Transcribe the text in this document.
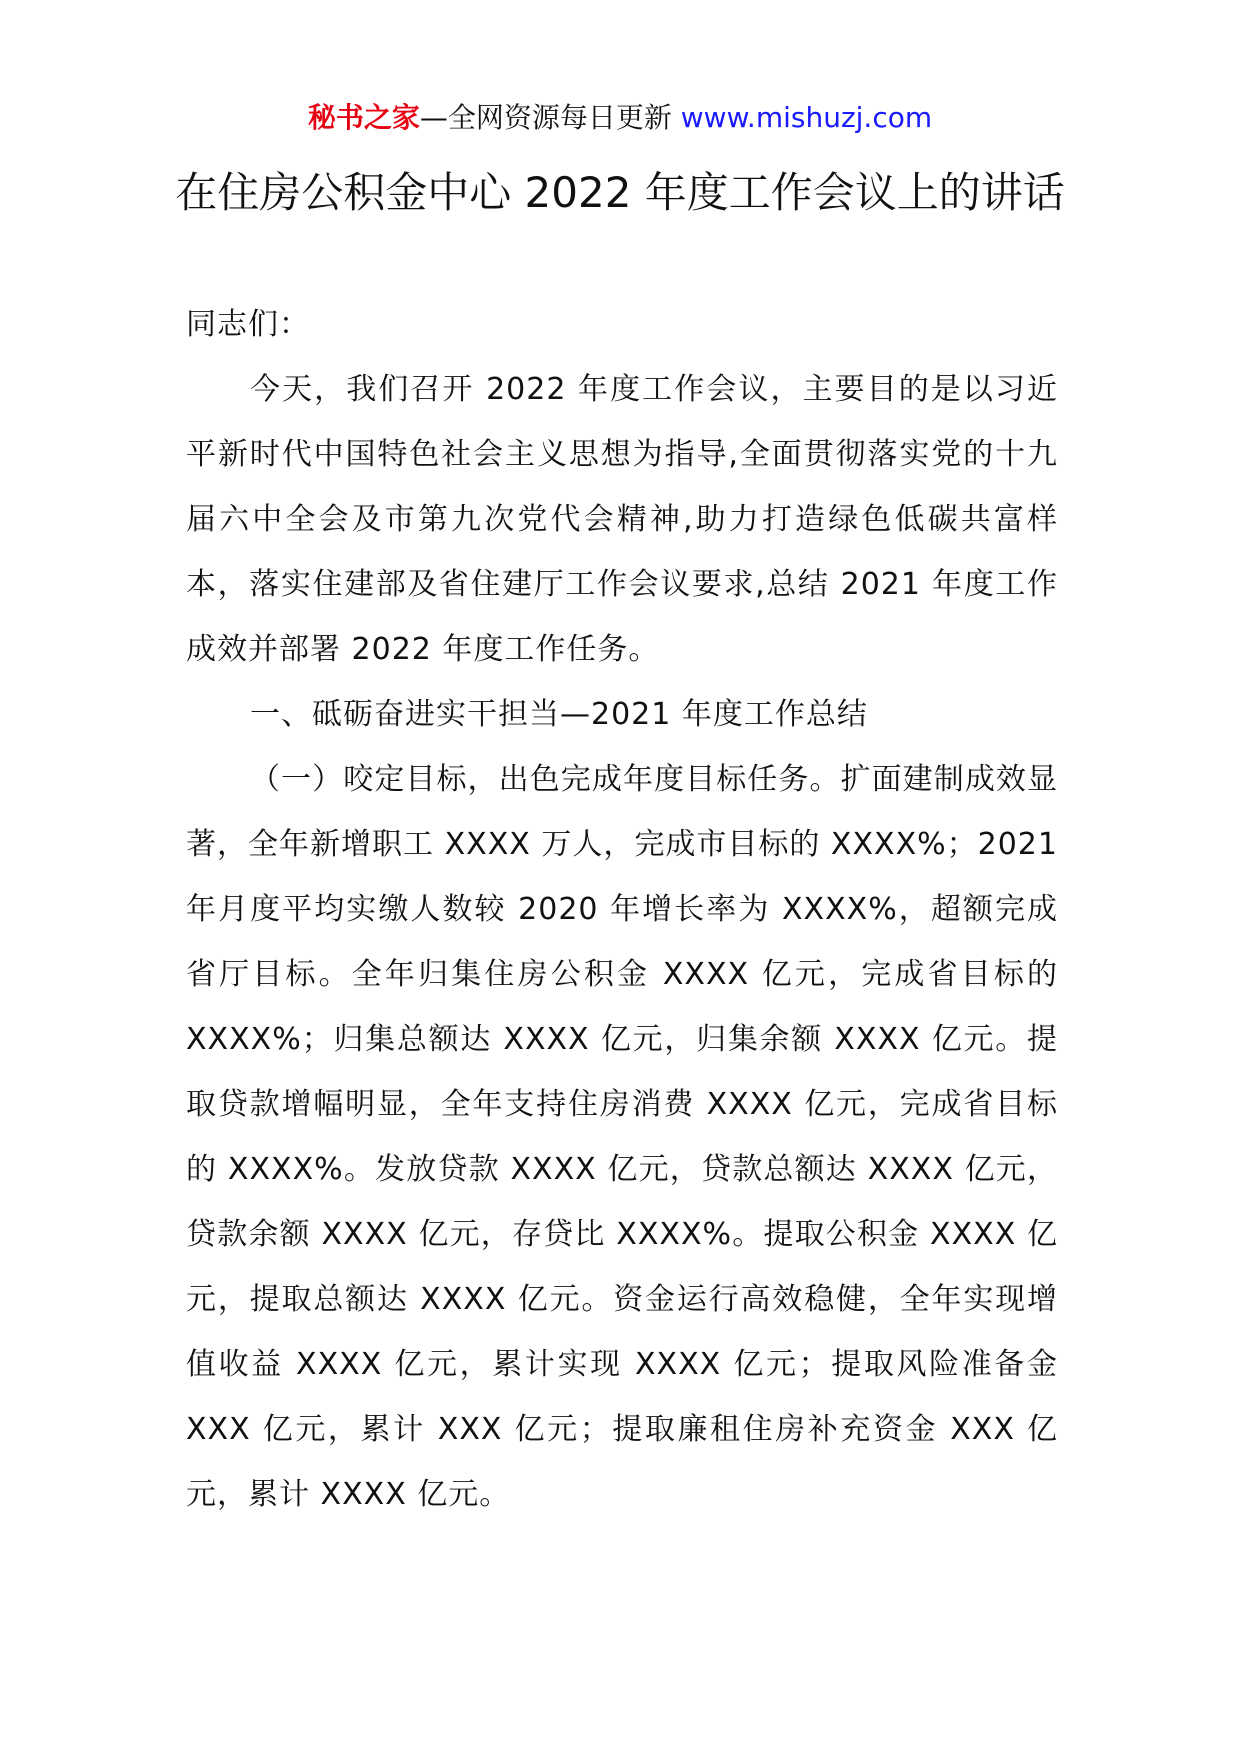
秘书之家—全网资源每日更新 www.mishuzj.com
在住房公积金中心 2022 年度工作会议上的讲话

同志们：

今天，我们召开 2022 年度工作会议，主要目的是以习近平新时代中国特色社会主义思想为指导,全面贯彻落实党的十九届六中全会及市第九次党代会精神,助力打造绿色低碳共富样本，落实住建部及省住建厅工作会议要求,总结 2021 年度工作成效并部署 2022 年度工作任务。

一、砥砺奋进实干担当—2021 年度工作总结

（一）咬定目标，出色完成年度目标任务。扩面建制成效显著，全年新增职工 XXXX 万人，完成市目标的 XXXX%；2021 年月度平均实缴人数较 2020 年增长率为 XXXX%，超额完成省厅目标。全年归集住房公积金 XXXX 亿元，完成省目标的 XXXX%；归集总额达 XXXX 亿元，归集余额 XXXX 亿元。提取贷款增幅明显，全年支持住房消费 XXXX 亿元，完成省目标的 XXXX%。发放贷款 XXXX 亿元，贷款总额达 XXXX 亿元，贷款余额 XXXX 亿元，存贷比 XXXX%。提取公积金 XXXX 亿元，提取总额达 XXXX 亿元。资金运行高效稳健，全年实现增值收益 XXXX 亿元，累计实现 XXXX 亿元；提取风险准备金 XXX 亿元，累计 XXX 亿元；提取廉租住房补充资金 XXX 亿元，累计 XXXX 亿元。
